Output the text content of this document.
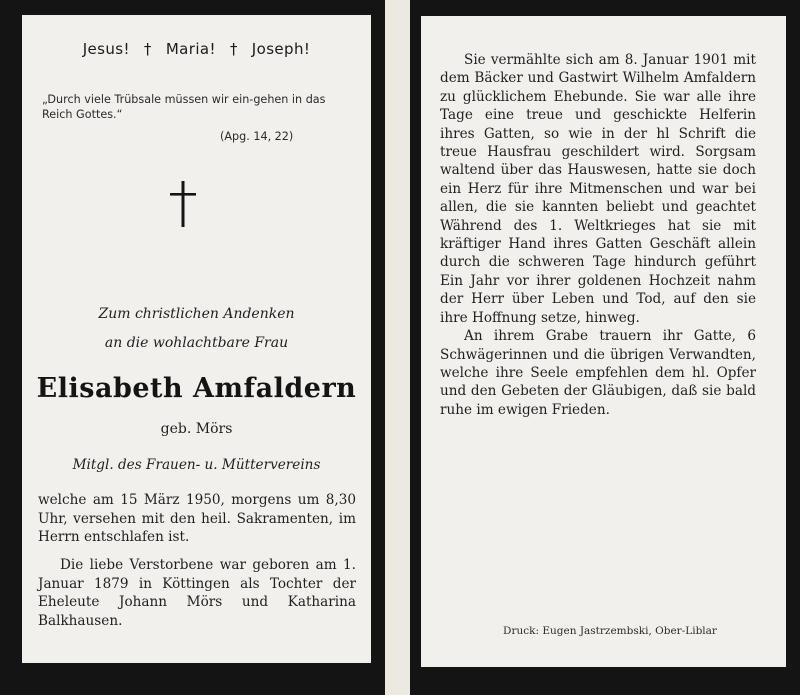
Jesus! † Maria! † Joseph!
„Durch viele Trübsale müssen wir ein-gehen in das Reich Gottes.“
(Apg. 14, 22)
Zum christlichen Andenken
an die wohlachtbare Frau
Elisabeth Amfaldern
geb. Mörs
Mitgl. des Frauen- u. Müttervereins
welche am 15 März 1950, morgens um 8,30 Uhr, versehen mit den heil. Sakramenten, im Herrn entschlafen ist.
Die liebe Verstorbene war geboren am 1. Januar 1879 in Köttingen als Tochter der Eheleute Johann Mörs und Katharina Balkhausen.

Sie vermählte sich am 8. Januar 1901 mit dem Bäcker und Gastwirt Wilhelm Amfaldern zu glücklichem Ehebunde. Sie war alle ihre Tage eine treue und geschickte Helferin ihres Gatten, so wie in der hl Schrift die treue Hausfrau geschildert wird. Sorgsam waltend über das Hauswesen, hatte sie doch ein Herz für ihre Mitmenschen und war bei allen, die sie kannten beliebt und geachtet Während des 1. Weltkrieges hat sie mit kräftiger Hand ihres Gatten Geschäft allein durch die schweren Tage hindurch geführt Ein Jahr vor ihrer goldenen Hochzeit nahm der Herr über Leben und Tod, auf den sie ihre Hoffnung setze, hinweg.

An ihrem Grabe trauern ihr Gatte, 6 Schwägerinnen und die übrigen Verwandten, welche ihre Seele empfehlen dem hl. Opfer und den Gebeten der Gläubigen, daß sie bald ruhe im ewigen Frieden.

Druck: Eugen Jastrzembski, Ober-Liblar
